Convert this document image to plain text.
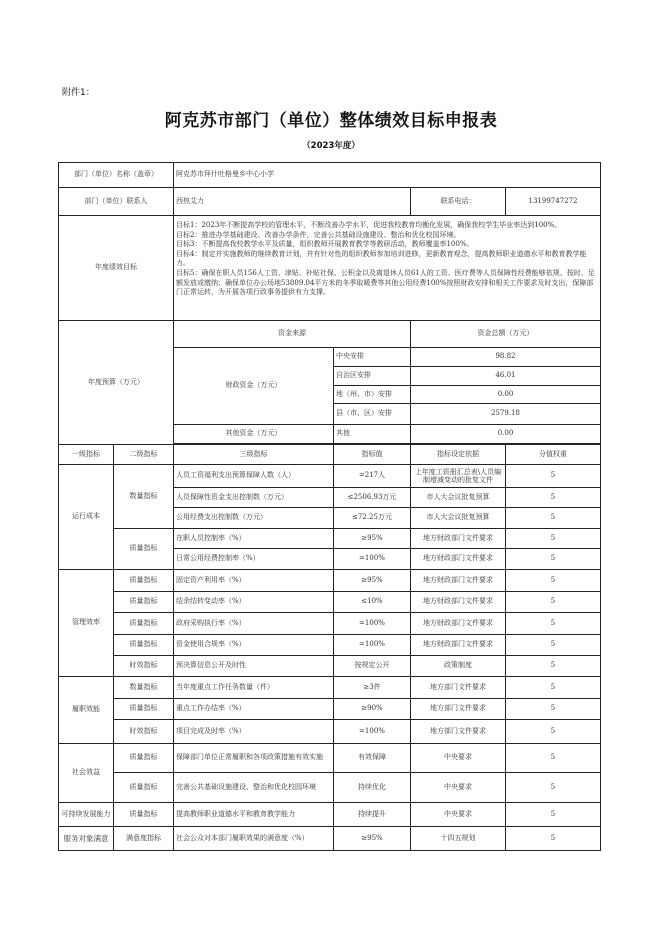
附件1：
阿克苏市部门（单位）整体绩效目标申报表
（2023年度）
部门（单位）名称（盖章）		阿克苏市拜什吐格曼乡中心小学			
部门（单位）联系人		西热艾力		联系电话：	13199747272
年度绩效目标		目标1：2023年不断提高学校的管理水平，不断改善办学水平，促进我校教育均衡化发展，确保我校学生毕业率达到100%。
目标2：推进办学基础建设、改善办学条件，完善公共基础设施建设、整治和优化校园环境。
目标3：不断提高我校教学水平及质量，组织教师开展教育教学等教研活动，教师覆盖率100%。
目标4：制定并实施教师的继续教育计划，并有针对性的组织教师参加培训进修，更新教育观念，提高教师职业道德水平和教育教学能力。
目标5：确保在职人员156人工资、津贴、补贴社保、公积金以及离退休人员61人的工资、医疗费等人员保障性经费能够依规、按时、足额发放或缴纳；确保单位办公场地53809.04平方米的冬季取暖费等其他公用经费100%按照财政安排和相关工作要求及时支出，保障部门正常运转，为开展各项行政事务提供有力支撑。			

年度预算（万元）		资金来源		资金总额（万元）	
		财政资金（万元）	中央安排	98.82	
			自治区安排	46.01	
			地（州、市）安排	0.00	
			县（市、区）安排	2579.18	
		其他资金（万元）	其他	0.00	

一级指标	二级指标	三级指标	指标值	指标设定依据	分值权重
运行成本	数量指标	人员工资福利支出预算保障人数（人）	=217人	上年度工资册汇总表\人员编制增减变动的批复文件	5
		人员保障性资金支出控制数（万元）	≤2506.93万元	市人大会议批复预算	5
		公用经费支出控制数（万元）	≤72.25万元	市人大会议批复预算	5
	质量指标	在职人员控制率（%）	≥95%	地方财政部门文件要求	5
		日常公用经费控制率（%）	=100%	地方财政部门文件要求	5
管理效率	质量指标	固定资产利用率（%）	≥95%	地方财政部门文件要求	5
	质量指标	结余结转变动率（%）	≤10%	地方财政部门文件要求	5
	质量指标	政府采购执行率（%）	=100%	地方财政部门文件要求	5
	质量指标	资金使用合规率（%）	=100%	地方财政部门文件要求	5
	时效指标	预决算信息公开及时性	按规定公开	政策制度	5
履职效能	数量指标	当年度重点工作任务数量（件）	≥3件	地方部门文件要求	5
	质量指标	重点工作办结率（%）	≥90%	地方部门文件要求	5
	时效指标	项目完成及时率（%）	=100%	地方部门文件要求	5
社会效益	质量指标	保障部门单位正常履职和各项政策措施有效实施	有效保障	中央要求	5
	质量指标	完善公共基础设施建设、整治和优化校园环境	持续优化	中央要求	5
可持续发展能力	质量指标	提高教师职业道德水平和教育教学能力	持续提升	中央要求	5
服务对象满意	满意度指标	社会公众对本部门履职效果的满意度（%）	≥95%	十四五规划	5
